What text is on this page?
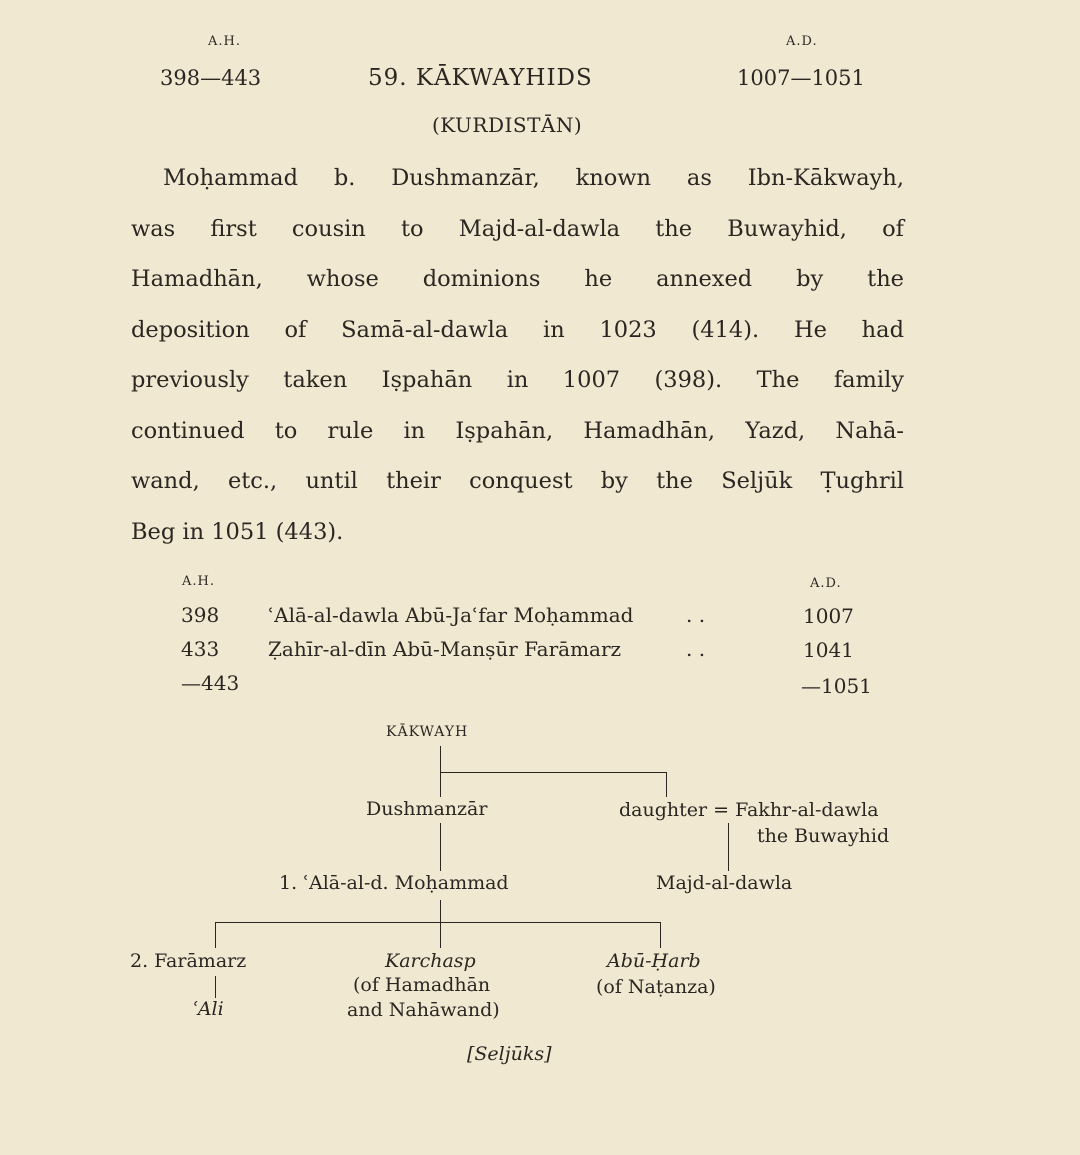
A.H.	A.D.
398—443	59. KĀKWAYHIDS	1007—1051
(KURDISTĀN)
Moḥammad b. Dushmanzār, known as Ibn-Kākwayh,
was first cousin to Majd-al-dawla the Buwayhid, of
Hamadhān, whose dominions he annexed by the
deposition of Samā-al-dawla in 1023 (414). He had
previously taken Iṣpahān in 1007 (398). The family
continued to rule in Iṣpahān, Hamadhān, Yazd, Nahā-
wand, etc., until their conquest by the Seljūk Ṭughril
Beg in 1051 (443).
A.H.	A.D.
398 ʿAlā-al-dawla Abū-Jaʿfar Moḥammad	. .	1007
433 Ẓahīr-al-dīn Abū-Manṣūr Farāmarz	. .	1041
—443	—1051
KĀKWAYH
Dushmanzār	daughter = Fakhr-al-dawla
the Buwayhid
1. ʿAlā-al-d. Moḥammad	Majd-al-dawla
2. Farāmarz	Karchasp	Abū-Ḥarb
(of Hamadhān	(of Naṭanza)
ʿAli	and Nahāwand)
[Seljūks]
